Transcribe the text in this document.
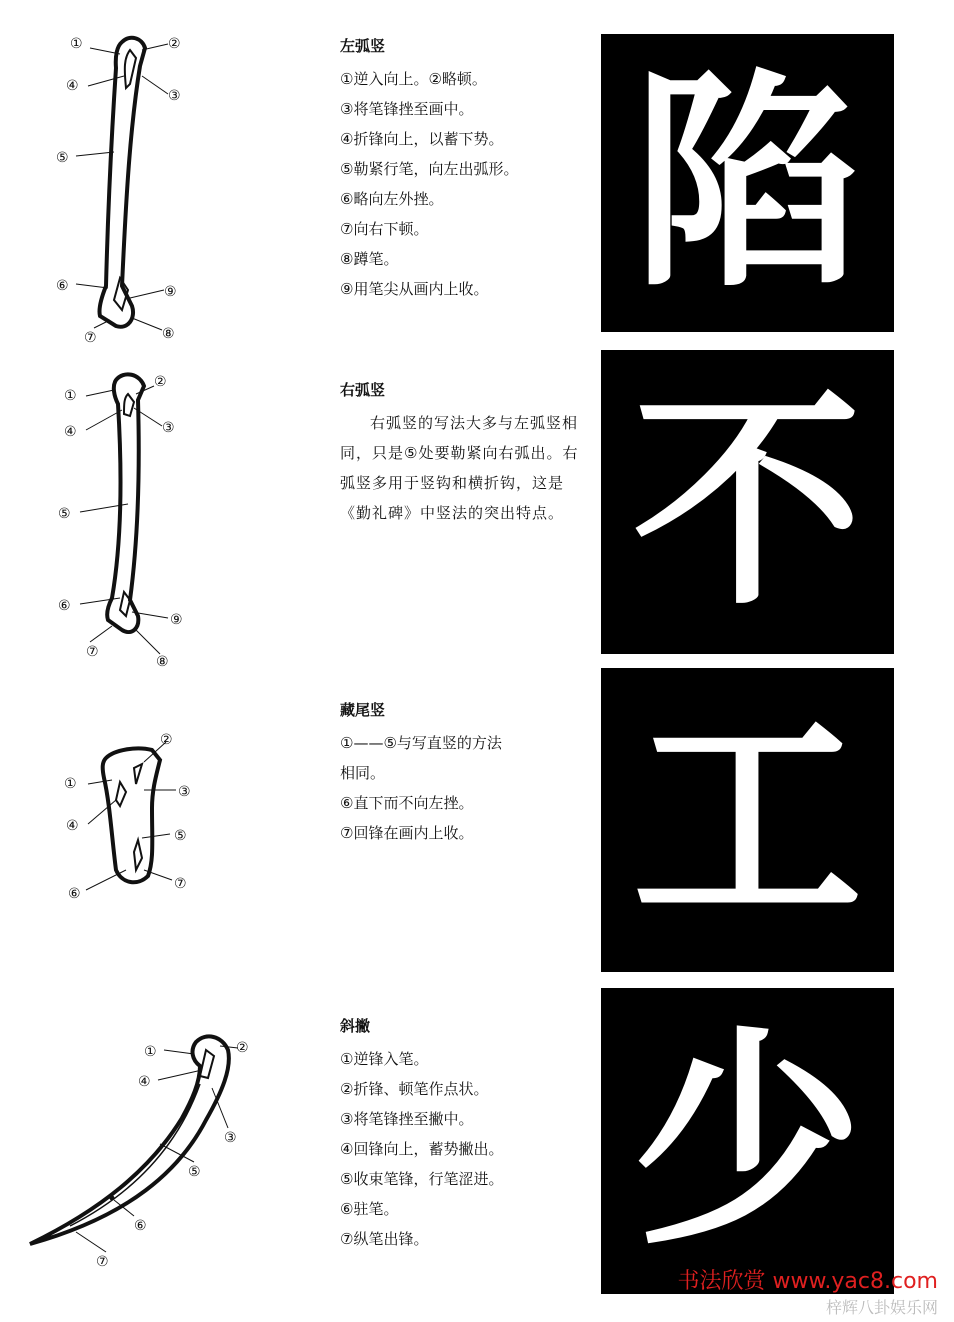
①	②
④
③
⑤
⑥	⑨
⑦	⑧
左弧竖
①逆入向上。②略顿。
③将笔锋挫至画中。
④折锋向上，以蓄下势。
⑤勒紧行笔，向左出弧形。
⑥略向左外挫。
⑦向右下顿。
⑧蹲笔。
⑨用笔尖从画内上收。 陷
①
②
④	③
⑤
⑥
⑨
⑦
⑧
右弧竖

右弧竖的写法大多与左弧竖相同，只是⑤处要勒紧向右弧出。右弧竖多用于竖钩和横折钩，这是《勤礼碑》中竖法的突出特点。 不
①
②
④
③
⑤
⑥
⑦
藏尾竖
①——⑤与写直竖的方法
相同。
⑥直下而不向左挫。
⑦回锋在画内上收。 工
①	②
④
③
⑤
⑥
⑦
斜撇
①逆锋入笔。
②折锋、顿笔作点状。
③将笔锋挫至撇中。
④回锋向上，蓄势撇出。
⑤收束笔锋，行笔涩进。
⑥驻笔。
⑦纵笔出锋。 少
书法欣赏 www.yac8.com
梓辉八卦娱乐网
